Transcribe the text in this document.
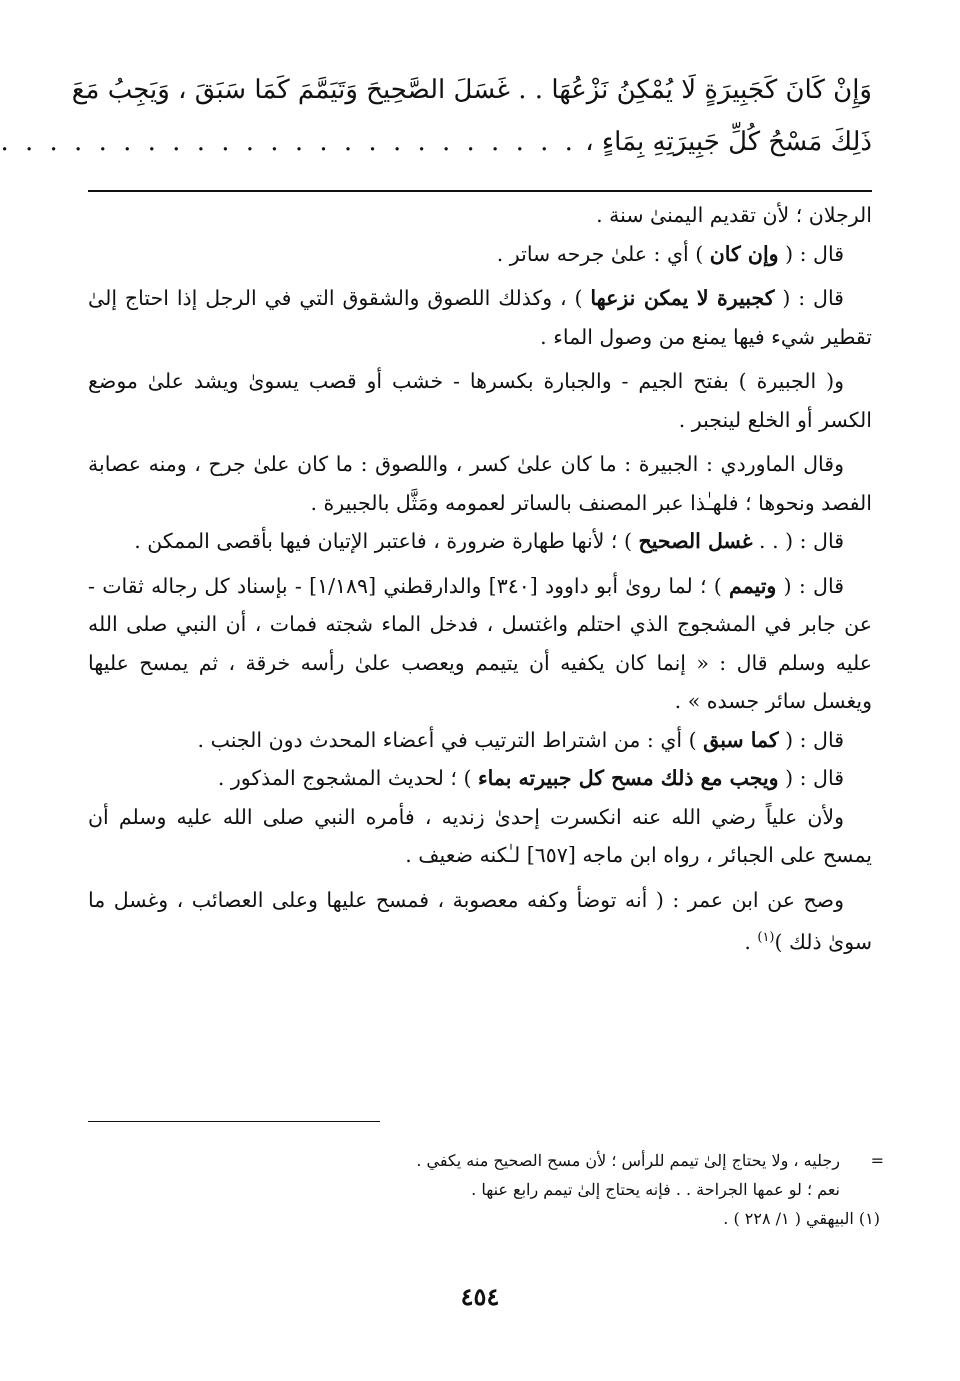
وَإِنْ كَانَ كَجَبِيرَةٍ لَا يُمْكِنُ نَزْعُهَا . . غَسَلَ الصَّحِيحَ وَتَيَمَّمَ كَمَا سَبَقَ ، وَيَجِبُ مَعَ
ذَلِكَ مَسْحُ كُلِّ جَبِيرَتِهِ بِمَاءٍ ، . . . . . . . . . . . . . . . . . . . . . . . .

الرجلان ؛ لأن تقديم اليمنىٰ سنة .

قال : ( وإن كان ) أي : علىٰ جرحه ساتر .

قال : ( كجبيرة لا يمكن نزعها ) ، وكذلك اللصوق والشقوق التي في الرجل إذا احتاج إلىٰ تقطير شيء فيها يمنع من وصول الماء .

و( الجبيرة ) بفتح الجيم - والجبارة بكسرها - خشب أو قصب يسوىٰ ويشد علىٰ موضع الكسر أو الخلع لينجبر .

وقال الماوردي : الجبيرة : ما كان علىٰ كسر ، واللصوق : ما كان علىٰ جرح ، ومنه عصابة الفصد ونحوها ؛ فلهـٰذا عبر المصنف بالساتر لعمومه ومَثَّل بالجبيرة .

قال : ( . . غسل الصحيح ) ؛ لأنها طهارة ضرورة ، فاعتبر الإتيان فيها بأقصى الممكن .

قال : ( وتيمم ) ؛ لما روىٰ أبو داوود [٣٤٠] والدارقطني [١/١٨٩] - بإسناد كل رجاله ثقات - عن جابر في المشجوج الذي احتلم واغتسل ، فدخل الماء شجته فمات ، أن النبي صلى الله عليه وسلم قال : « إنما كان يكفيه أن يتيمم ويعصب علىٰ رأسه خرقة ، ثم يمسح عليها ويغسل سائر جسده » .

قال : ( كما سبق ) أي : من اشتراط الترتيب في أعضاء المحدث دون الجنب .

قال : ( ويجب مع ذلك مسح كل جبيرته بماء ) ؛ لحديث المشجوج المذكور .

ولأن علياً رضي الله عنه انكسرت إحدىٰ زنديه ، فأمره النبي صلى الله عليه وسلم أن يمسح على الجبائر ، رواه ابن ماجه [٦٥٧] لـٰكنه ضعيف .

وصح عن ابن عمر : ( أنه توضأ وكفه معصوبة ، فمسح عليها وعلى العصائب ، وغسل ما سوىٰ ذلك )$^{(١)}$ .

=

رجليه ، ولا يحتاج إلىٰ تيمم للرأس ؛ لأن مسح الصحيح منه يكفي .

نعم ؛ لو عمها الجراحة . . فإنه يحتاج إلىٰ تيمم رابع عنها .

(١) البيهقي ( ١/ ٢٢٨ ) .

٤٥٤
